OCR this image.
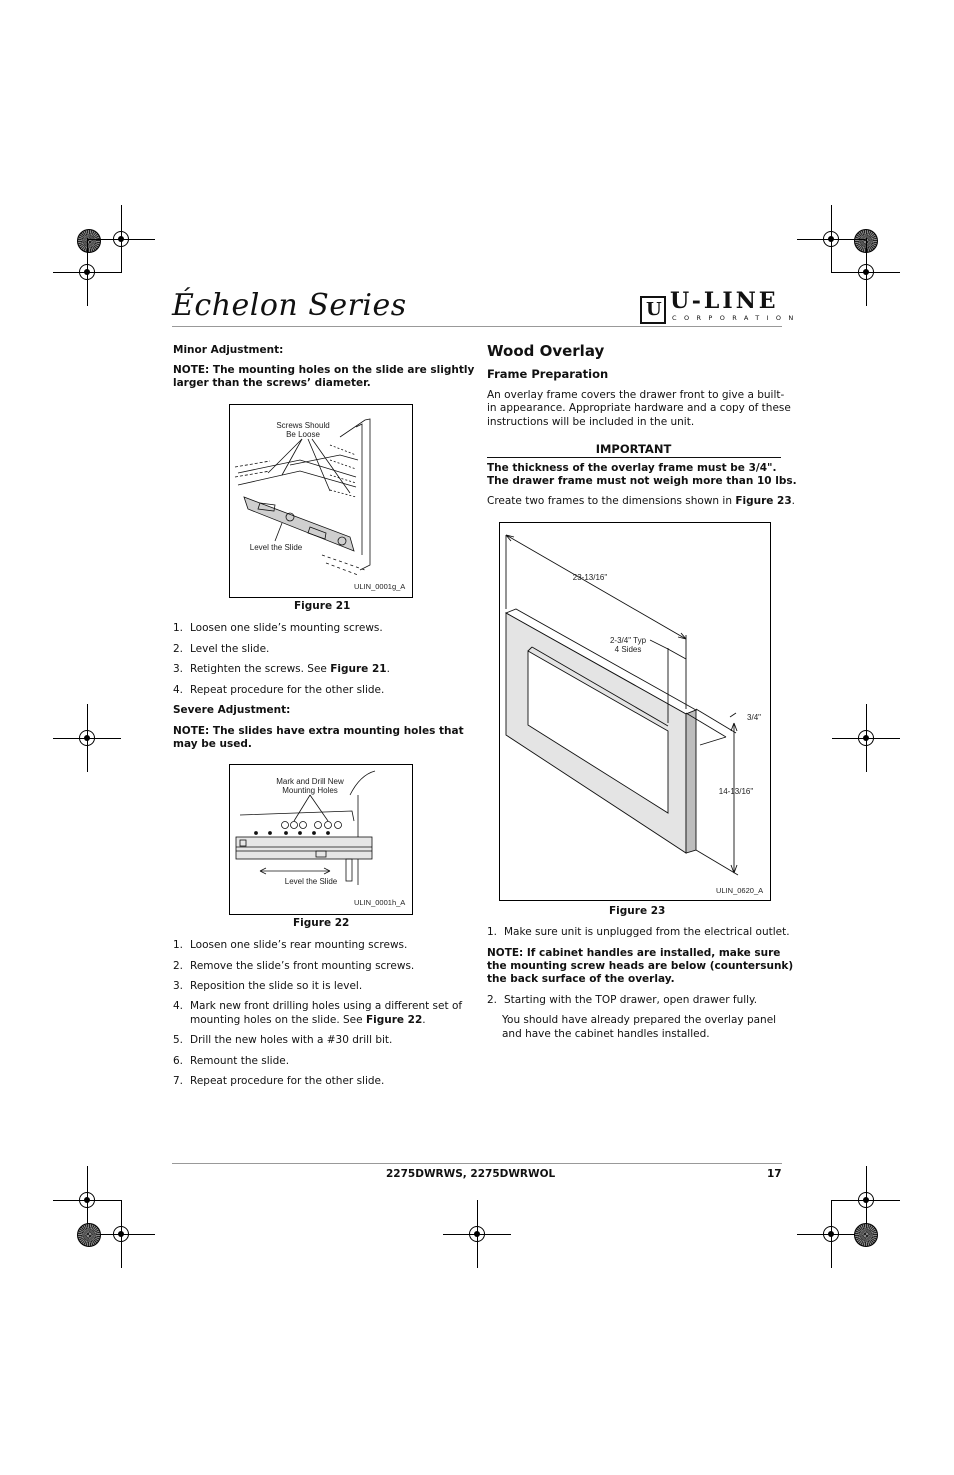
Échelon Series	U U-LINE
CORPORATION
Minor Adjustment:
NOTE: The mounting holes on the slide are slightly
larger than the screws’ diameter.
Screws Should
Be Loose
Level the Slide
ULIN_0001g_A
Figure 21
1. Loosen one slide’s mounting screws.
2. Level the slide.
3. Retighten the screws. See Figure 21.
4. Repeat procedure for the other slide.
Severe Adjustment:
NOTE: The slides have extra mounting holes that
may be used.
Mark and Drill New
Mounting Holes
Level the Slide
ULIN_0001h_A
Figure 22
1. Loosen one slide’s rear mounting screws.
2. Remove the slide’s front mounting screws.
3. Reposition the slide so it is level.
4. Mark new front drilling holes using a different set of
mounting holes on the slide. See Figure 22.
5. Drill the new holes with a #30 drill bit.
6. Remount the slide.
7. Repeat procedure for the other slide.
Wood Overlay
Frame Preparation
An overlay frame covers the drawer front to give a built-
in appearance. Appropriate hardware and a copy of these
instructions will be included in the unit.
IMPORTANT
The thickness of the overlay frame must be 3/4".
The drawer frame must not weigh more than 10 lbs.
Create two frames to the dimensions shown in Figure 23.
23-13/16"
2-3/4" Typ
4 Sides
3/4"
14-13/16"
ULIN_0620_A
Figure 23
1. Make sure unit is unplugged from the electrical outlet.
NOTE: If cabinet handles are installed, make sure
the mounting screw heads are below (countersunk)
the back surface of the overlay.
2. Starting with the TOP drawer, open drawer fully.
You should have already prepared the overlay panel
and have the cabinet handles installed.
2275DWRWS, 2275DWRWOL	17
